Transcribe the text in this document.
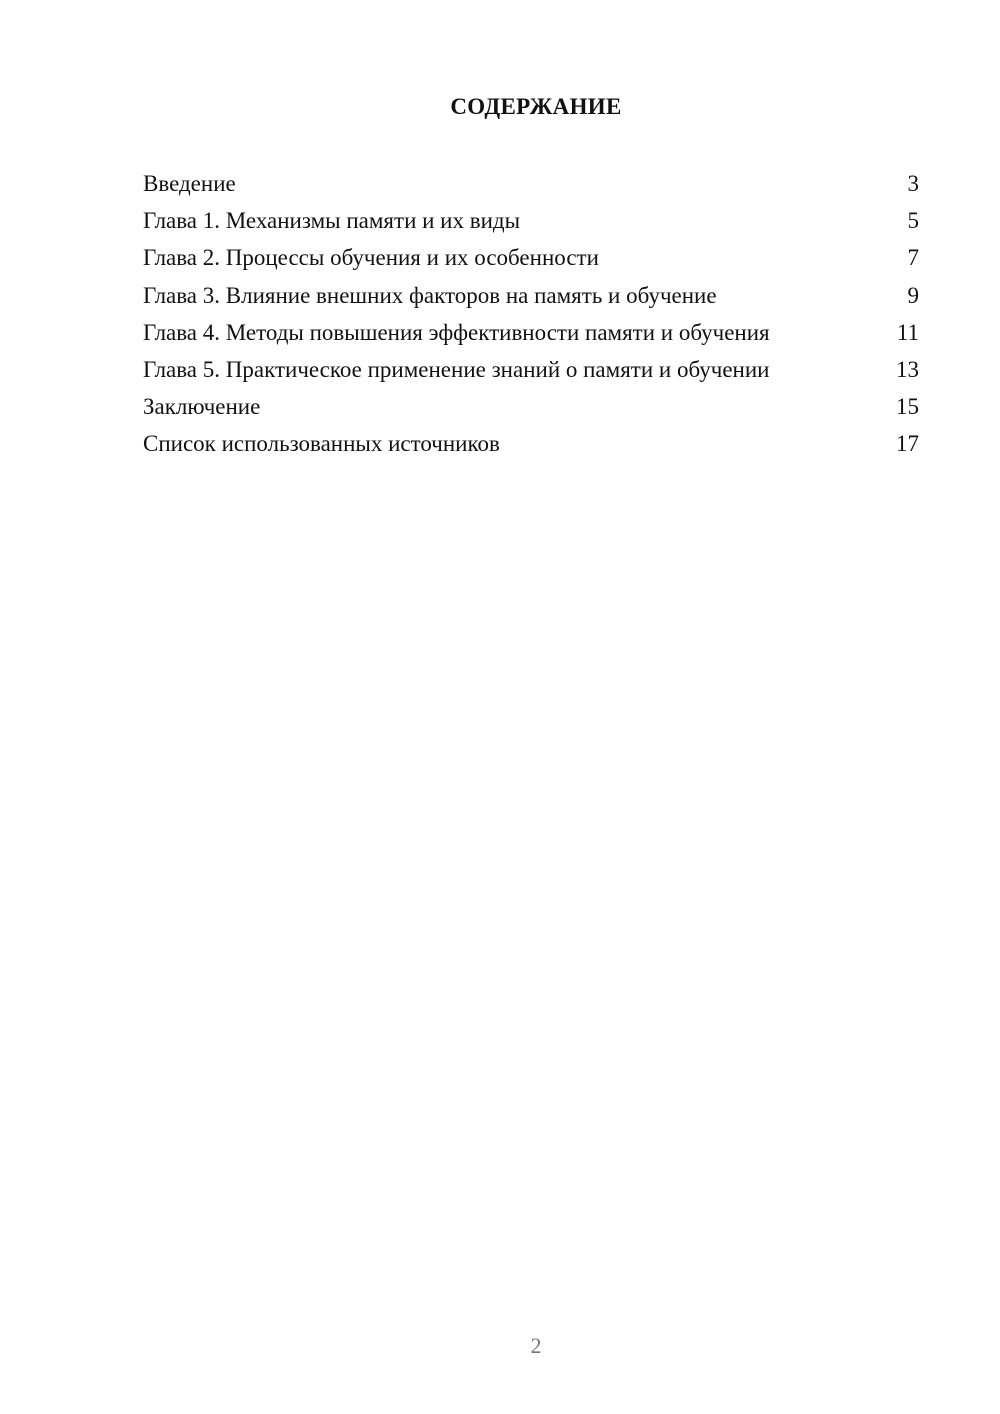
СОДЕРЖАНИЕ
Введение	3
Глава 1. Механизмы памяти и их виды	5
Глава 2. Процессы обучения и их особенности	7
Глава 3. Влияние внешних факторов на память и обучение	9
Глава 4. Методы повышения эффективности памяти и обучения	11
Глава 5. Практическое применение знаний о памяти и обучении	13
Заключение	15
Список использованных источников	17
2
